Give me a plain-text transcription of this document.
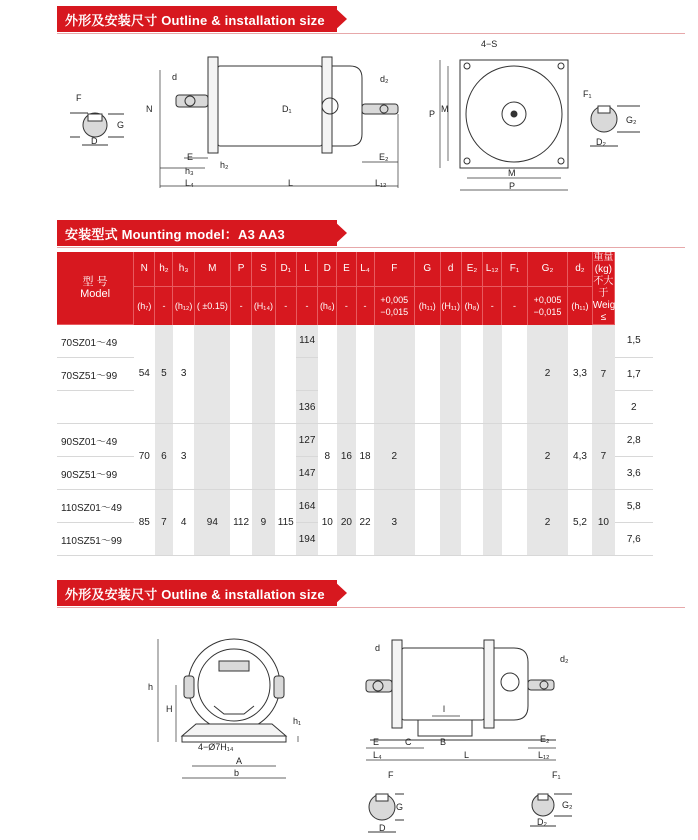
外形及安装尺寸 Outline & installation size
F
G
D
d
N	D₁
d₂
E
h₂
h₃
L₄	L
E₂
L₁₂
4−S
P M
M
P
F₁
G₂
D₂
安装型式 Mounting model：A3 AA3
型 号
Model	N	h₂	h₃	M	P	S	D₁	L	D	E	L₄	F	G	d	E₂	L₁₂	F₁	G₂	d₂	重量
(kg)
不大于
Weight
≤	
	(h₇)	-	(h₁₂)	( ±0.15)	-	(H₁₄)	-	-	(h₆)	-	-	+0,005 −0,015	(h₁₁)	(H₁₁)	(h₈)	-	-	+0,005 −0,015	(h₁₁)		
70SZ01～49	54	5	3					114										2	3,3	7	1,5
70SZ51～99																					1,7
								136													2
90SZ01～49	70	6	3					127	8	16	18	2						2	4,3	7	2,8
90SZ51～99								147													3,6
110SZ01～49	85	7	4	94	112	9	115	164	10	20	22	3						2	5,2	10	5,8
110SZ51～99								194													7,6
外形及安装尺寸 Outline & installation size
h
H
h₁
4−Ø7H₁₄
A
b
d
d₂
l
E	C	B
L₄	L
E₂
L₁₂
F
G
D
F₁
G₂
D₂
